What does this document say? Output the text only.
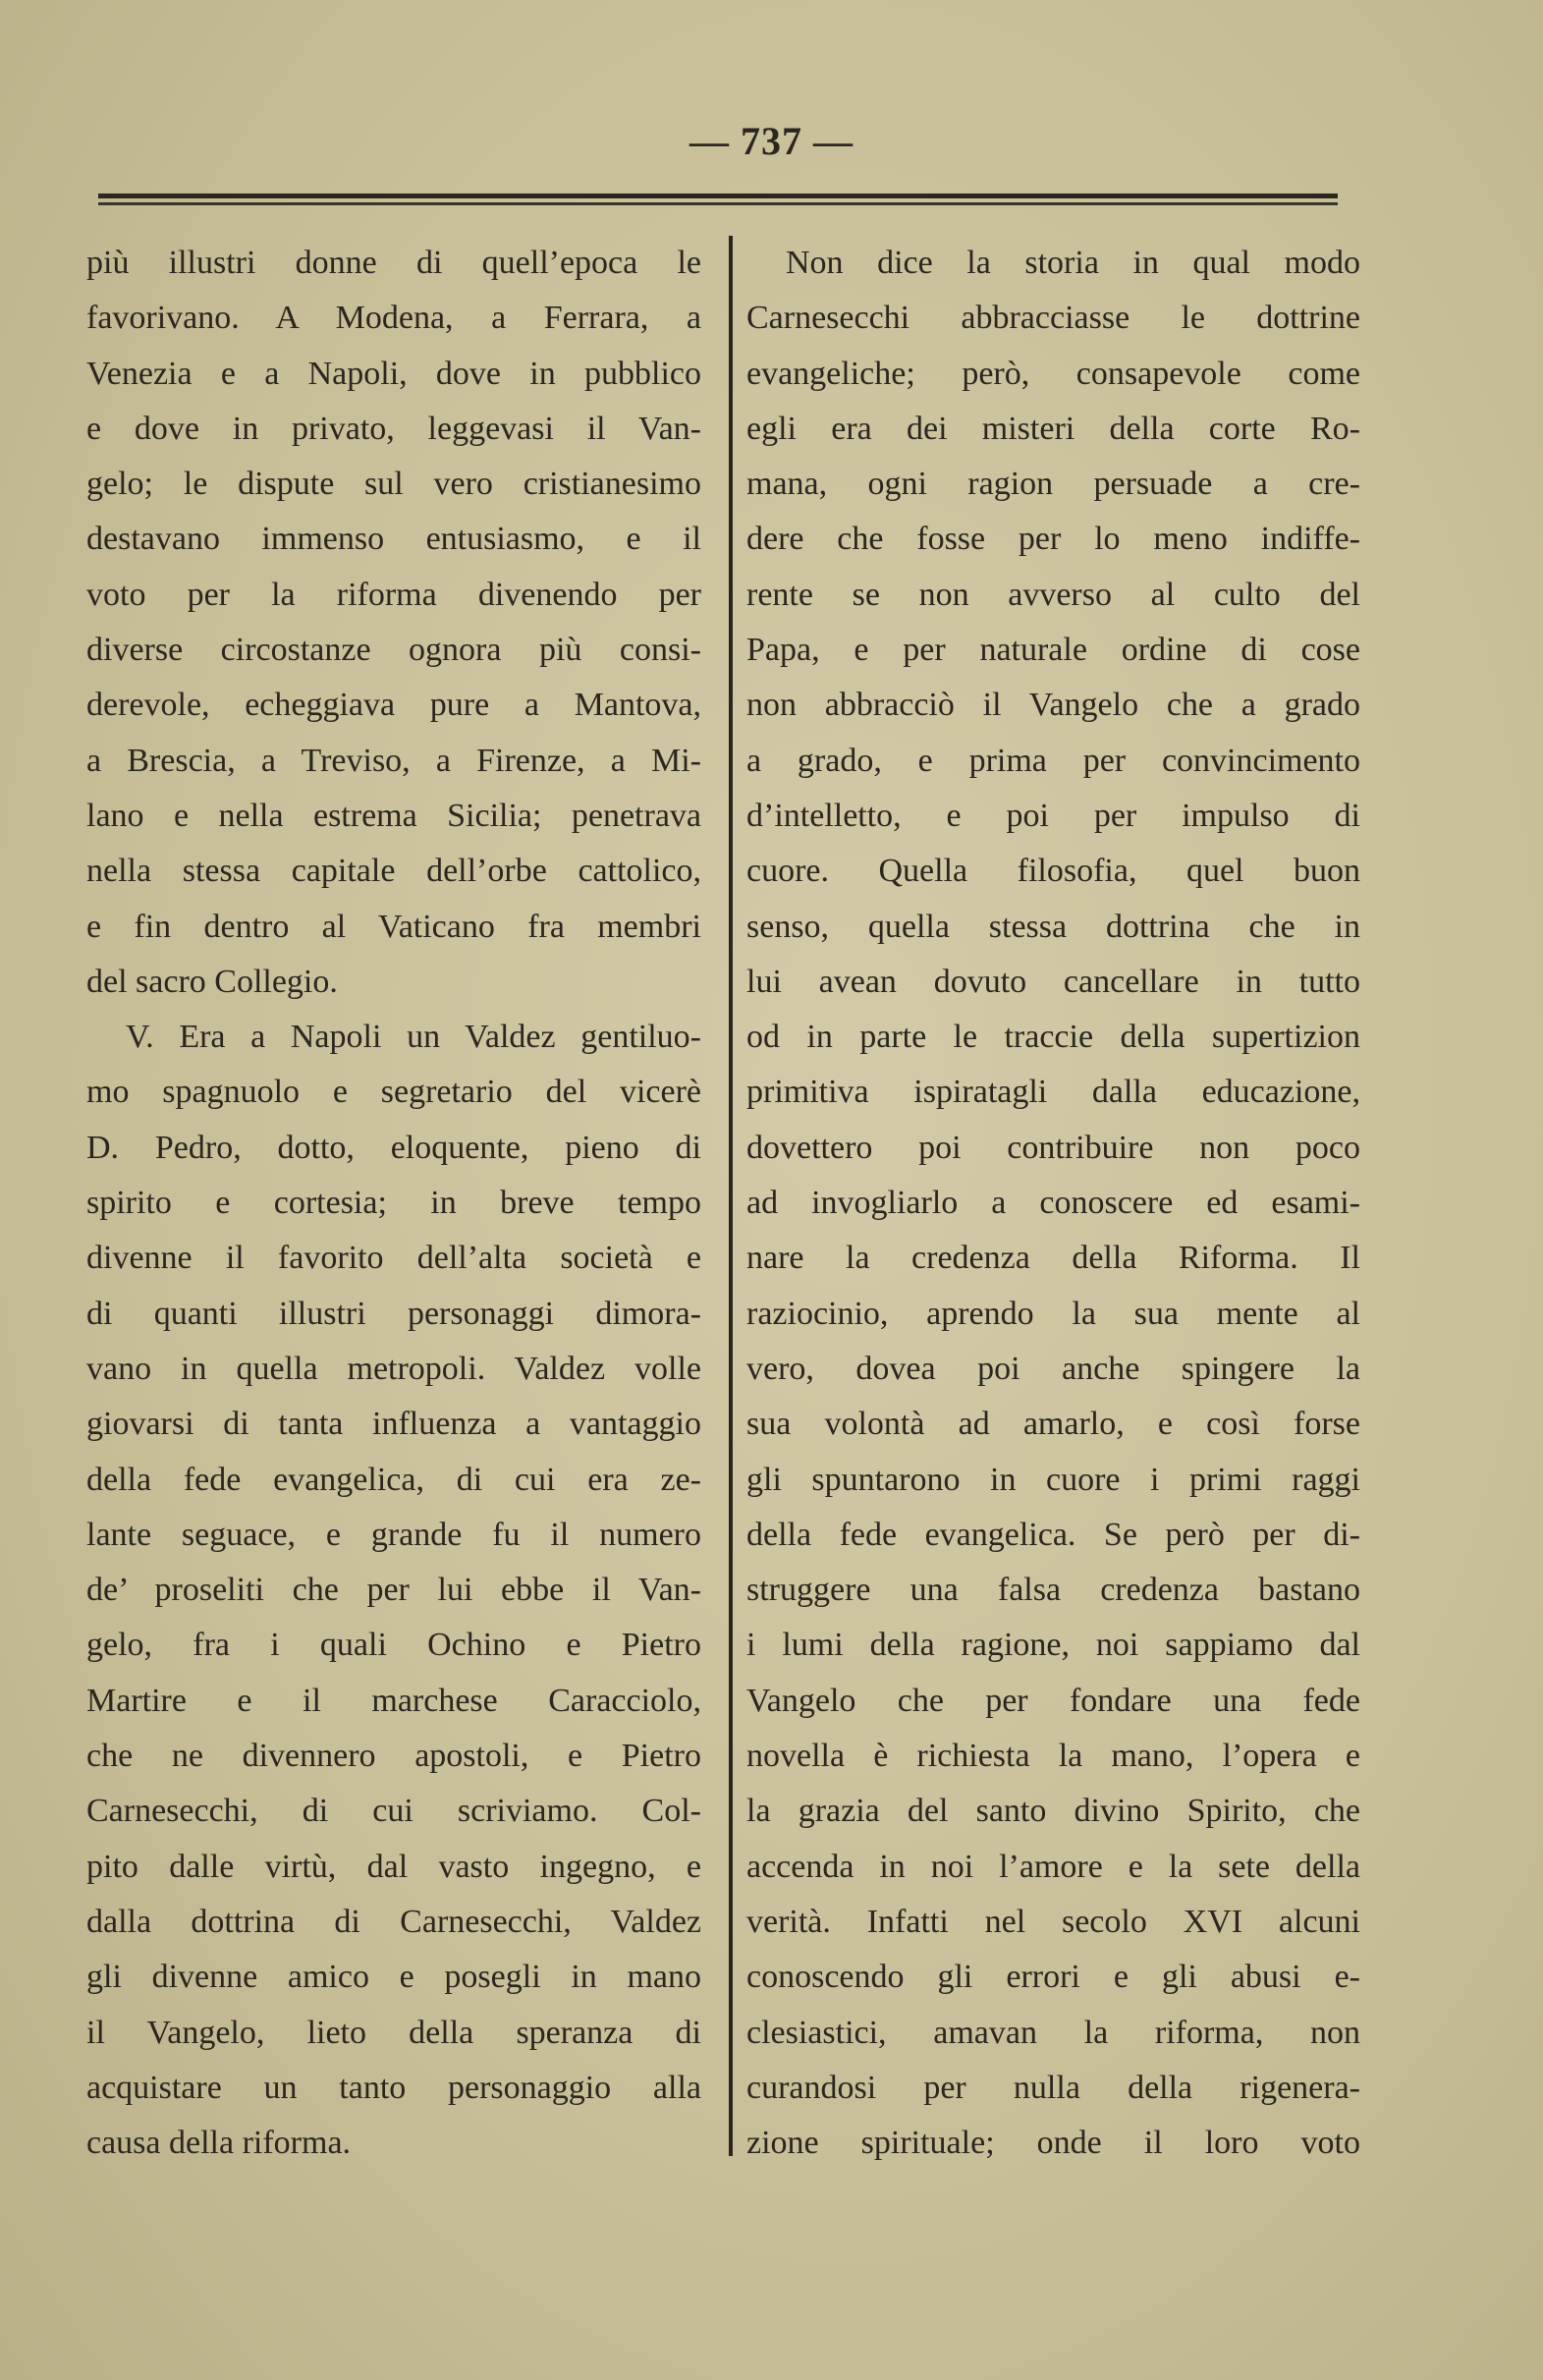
— 737 —
più illustri donne di quell’epoca le
favorivano. A Modena, a Ferrara, a
Venezia e a Napoli, dove in pubblico
e dove in privato, leggevasi il Van-
gelo; le dispute sul vero cristianesimo
destavano immenso entusiasmo, e il
voto per la riforma divenendo per
diverse circostanze ognora più consi-
derevole, echeggiava pure a Mantova,
a Brescia, a Treviso, a Firenze, a Mi-
lano e nella estrema Sicilia; penetrava
nella stessa capitale dell’orbe cattolico,
e fin dentro al Vaticano fra membri
del sacro Collegio.
V. Era a Napoli un Valdez gentiluo-
mo spagnuolo e segretario del vicerè
D. Pedro, dotto, eloquente, pieno di
spirito e cortesia; in breve tempo
divenne il favorito dell’alta società e
di quanti illustri personaggi dimora-
vano in quella metropoli. Valdez volle
giovarsi di tanta influenza a vantaggio
della fede evangelica, di cui era ze-
lante seguace, e grande fu il numero
de’ proseliti che per lui ebbe il Van-
gelo, fra i quali Ochino e Pietro
Martire e il marchese Caracciolo,
che ne divennero apostoli, e Pietro
Carnesecchi, di cui scriviamo. Col-
pito dalle virtù, dal vasto ingegno, e
dalla dottrina di Carnesecchi, Valdez
gli divenne amico e posegli in mano
il Vangelo, lieto della speranza di
acquistare un tanto personaggio alla
causa della riforma.
Non dice la storia in qual modo
Carnesecchi abbracciasse le dottrine
evangeliche; però, consapevole come
egli era dei misteri della corte Ro-
mana, ogni ragion persuade a cre-
dere che fosse per lo meno indiffe-
rente se non avverso al culto del
Papa, e per naturale ordine di cose
non abbracciò il Vangelo che a grado
a grado, e prima per convincimento
d’intelletto, e poi per impulso di
cuore. Quella filosofia, quel buon
senso, quella stessa dottrina che in
lui avean dovuto cancellare in tutto
od in parte le traccie della supertizion
primitiva ispiratagli dalla educazione,
dovettero poi contribuire non poco
ad invogliarlo a conoscere ed esami-
nare la credenza della Riforma. Il
raziocinio, aprendo la sua mente al
vero, dovea poi anche spingere la
sua volontà ad amarlo, e così forse
gli spuntarono in cuore i primi raggi
della fede evangelica. Se però per di-
struggere una falsa credenza bastano
i lumi della ragione, noi sappiamo dal
Vangelo che per fondare una fede
novella è richiesta la mano, l’opera e
la grazia del santo divino Spirito, che
accenda in noi l’amore e la sete della
verità. Infatti nel secolo XVI alcuni
conoscendo gli errori e gli abusi e-
clesiastici, amavan la riforma, non
curandosi per nulla della rigenera-
zione spirituale; onde il loro voto
